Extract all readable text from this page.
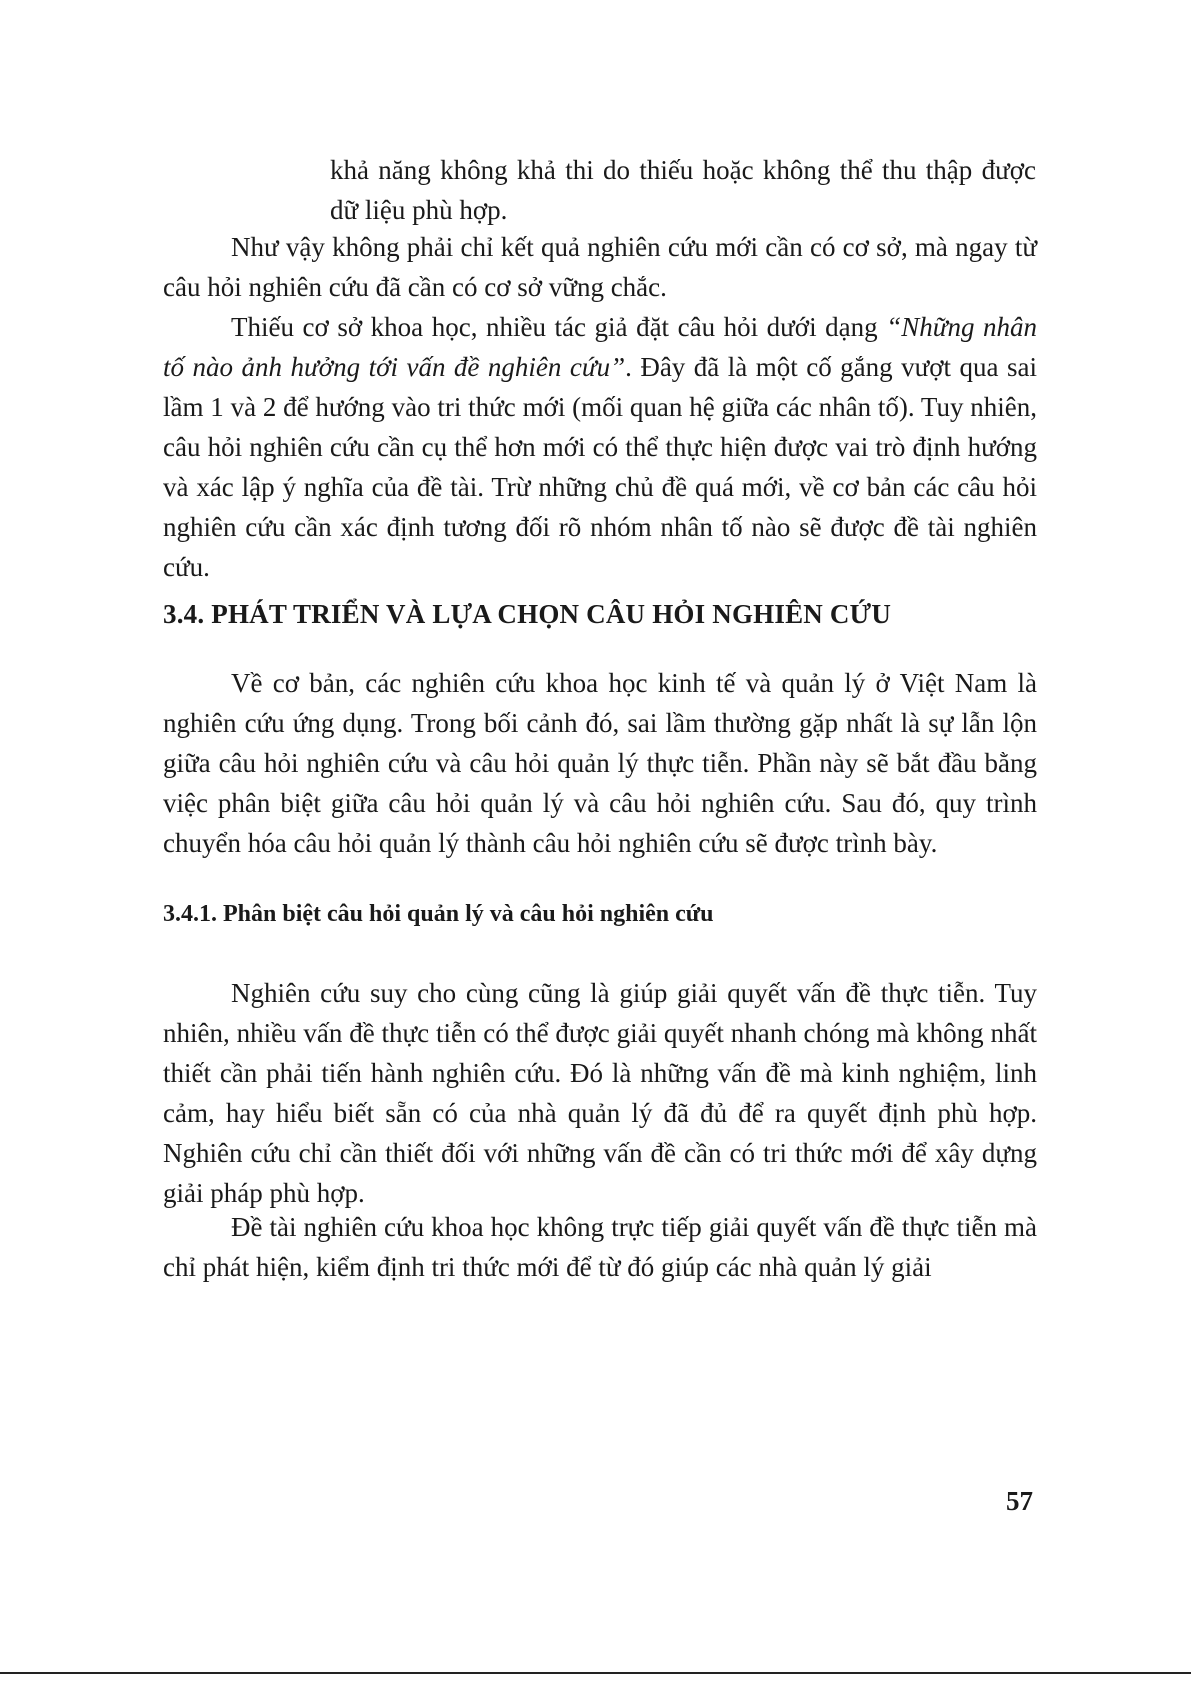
khả năng không khả thi do thiếu hoặc không thể thu thập được dữ liệu phù hợp.

Như vậy không phải chỉ kết quả nghiên cứu mới cần có cơ sở, mà ngay từ câu hỏi nghiên cứu đã cần có cơ sở vững chắc.

Thiếu cơ sở khoa học, nhiều tác giả đặt câu hỏi dưới dạng “Những nhân tố nào ảnh hưởng tới vấn đề nghiên cứu”. Đây đã là một cố gắng vượt qua sai lầm 1 và 2 để hướng vào tri thức mới (mối quan hệ giữa các nhân tố). Tuy nhiên, câu hỏi nghiên cứu cần cụ thể hơn mới có thể thực hiện được vai trò định hướng và xác lập ý nghĩa của đề tài. Trừ những chủ đề quá mới, về cơ bản các câu hỏi nghiên cứu cần xác định tương đối rõ nhóm nhân tố nào sẽ được đề tài nghiên cứu.

3.4. PHÁT TRIỂN VÀ LỰA CHỌN CÂU HỎI NGHIÊN CỨU

Về cơ bản, các nghiên cứu khoa học kinh tế và quản lý ở Việt Nam là nghiên cứu ứng dụng. Trong bối cảnh đó, sai lầm thường gặp nhất là sự lẫn lộn giữa câu hỏi nghiên cứu và câu hỏi quản lý thực tiễn. Phần này sẽ bắt đầu bằng việc phân biệt giữa câu hỏi quản lý và câu hỏi nghiên cứu. Sau đó, quy trình chuyển hóa câu hỏi quản lý thành câu hỏi nghiên cứu sẽ được trình bày.

3.4.1. Phân biệt câu hỏi quản lý và câu hỏi nghiên cứu

Nghiên cứu suy cho cùng cũng là giúp giải quyết vấn đề thực tiễn. Tuy nhiên, nhiều vấn đề thực tiễn có thể được giải quyết nhanh chóng mà không nhất thiết cần phải tiến hành nghiên cứu. Đó là những vấn đề mà kinh nghiệm, linh cảm, hay hiểu biết sẵn có của nhà quản lý đã đủ để ra quyết định phù hợp. Nghiên cứu chỉ cần thiết đối với những vấn đề cần có tri thức mới để xây dựng giải pháp phù hợp.

Đề tài nghiên cứu khoa học không trực tiếp giải quyết vấn đề thực tiễn mà chỉ phát hiện, kiểm định tri thức mới để từ đó giúp các nhà quản lý giải

57
